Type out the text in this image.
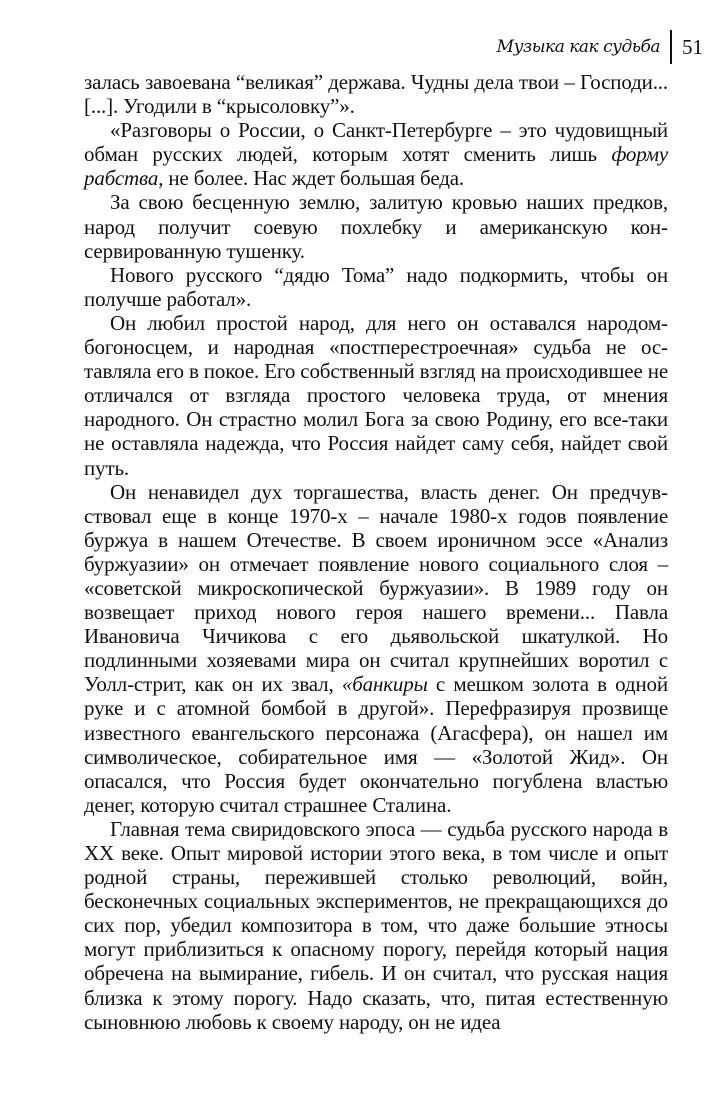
Музыка как судьба	51

залась завоевана “великая” держава. Чудны дела твои – Господи... [...]. Угодили в “крысоловку”».

«Разговоры о России, о Санкт-Петербурге – это чудовищный обман русских людей, которым хотят сменить лишь форму рабства, не более. Нас ждет большая беда.

За свою бесценную землю, залитую кровью наших предков, народ получит соевую похлебку и американскую консервированную тушенку.

Нового русского “дядю Тома” надо подкормить, чтобы он получше работал».

Он любил простой народ, для него он оставался народомбогоносцем, и народная «постперестроечная» судьба не оставляла его в покое. Его собственный взгляд на происходившее не отличался от взгляда простого человека труда, от мнения народного. Он страстно молил Бога за свою Родину, его все-таки не оставляла надежда, что Россия найдет саму себя, найдет свой путь.

Он ненавидел дух торгашества, власть денег. Он предчувствовал еще в конце 1970-х – начале 1980-х годов появление буржуа в нашем Отечестве. В своем ироничном эссе «Анализ буржуазии» он отмечает появление нового социального слоя – «советской микроскопической буржуазии». В 1989 году он возвещает приход нового героя нашего времени... Павла Ивановича Чичикова с его дьявольской шкатулкой. Но подлинными хозяевами мира он считал крупнейших воротил с Уолл-стрит, как он их звал, «банкиры с мешком золота в одной руке и с атомной бомбой в другой». Перефразируя прозвище известного евангельского персонажа (Агасфера), он нашел им символическое, собирательное имя — «Золотой Жид». Он опасался, что Россия будет окончательно погублена властью денег, которую считал страшнее Сталина.

Главная тема свиридовского эпоса — судьба русского народа в XX веке. Опыт мировой истории этого века, в том числе и опыт родной страны, пережившей столько революций, войн, бесконечных социальных экспериментов, не прекращающихся до сих пор, убедил композитора в том, что даже большие этносы могут приблизиться к опасному порогу, перейдя который нация обречена на вымирание, гибель. И он считал, что русская нация близка к этому порогу. Надо сказать, что, питая естественную сыновнюю любовь к своему народу, он не идеа
